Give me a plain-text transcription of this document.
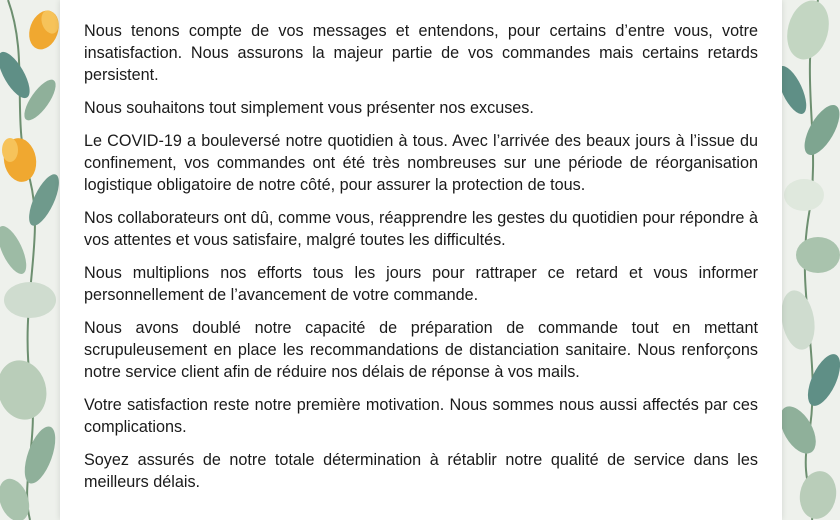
Nous tenons compte de vos messages et entendons, pour certains d’entre vous, votre insatisfaction. Nous assurons la majeur partie de vos commandes mais certains retards persistent.

Nous souhaitons tout simplement vous présenter nos excuses.

Le COVID-19 a bouleversé notre quotidien à tous. Avec l’arrivée des beaux jours à l’issue du confinement, vos commandes ont été très nombreuses sur une période de réorganisation logistique obligatoire de notre côté, pour assurer la protection de tous.

Nos collaborateurs ont dû, comme vous, réapprendre les gestes du quotidien pour répondre à vos attentes et vous satisfaire, malgré toutes les difficultés.

Nous multiplions nos efforts tous les jours pour rattraper ce retard et vous informer personnellement de l’avancement de votre commande.

Nous avons doublé notre capacité de préparation de commande tout en mettant scrupuleusement en place les recommandations de distanciation sanitaire. Nous renforçons notre service client afin de réduire nos délais de réponse à vos mails.

Votre satisfaction reste notre première motivation. Nous sommes nous aussi affectés par ces complications.

Soyez assurés de notre totale détermination à rétablir notre qualité de service dans les meilleurs délais.
